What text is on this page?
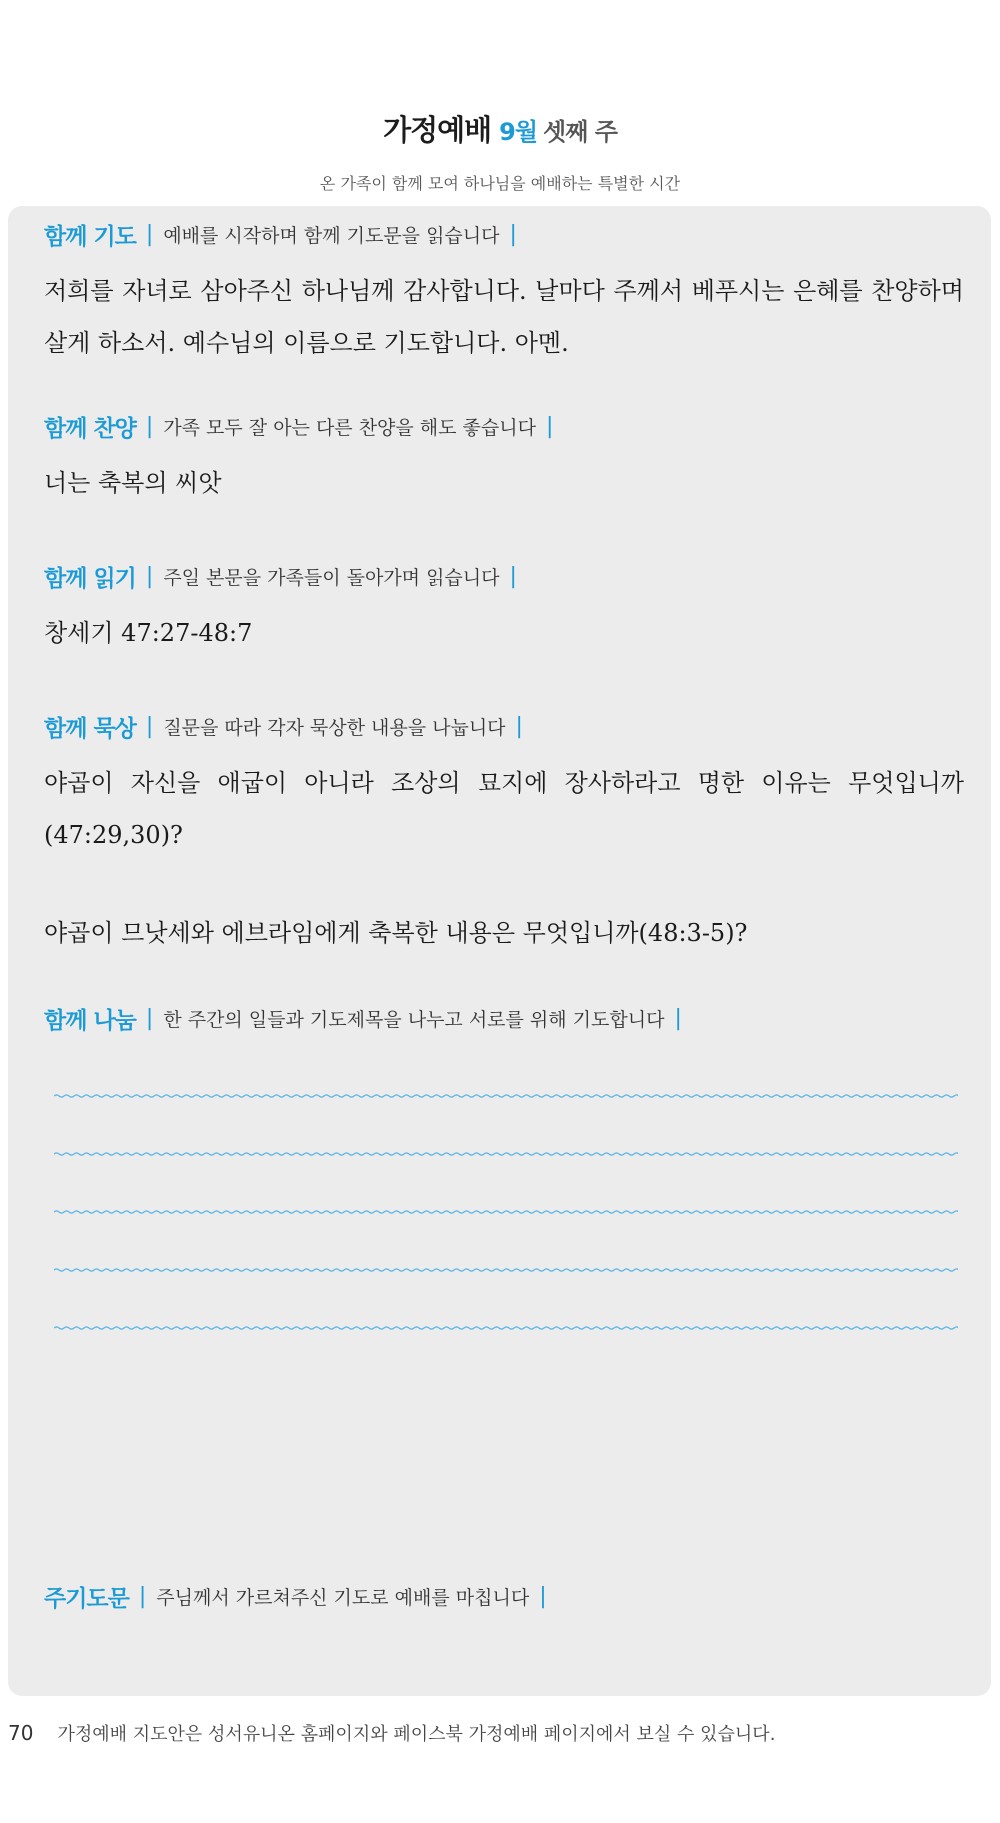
가정예배 9월 셋째 주
온 가족이 함께 모여 하나님을 예배하는 특별한 시간
함께 기도 | 예배를 시작하며 함께 기도문을 읽습니다 |
저희를 자녀로 삼아주신 하나님께 감사합니다. 날마다 주께서 베푸시는 은혜를 찬양하며 살게 하소서. 예수님의 이름으로 기도합니다. 아멘.
함께 찬양 | 가족 모두 잘 아는 다른 찬양을 해도 좋습니다 |
너는 축복의 씨앗
함께 읽기 | 주일 본문을 가족들이 돌아가며 읽습니다 |
창세기 47:27-48:7
함께 묵상 | 질문을 따라 각자 묵상한 내용을 나눕니다 |
야곱이 자신을 애굽이 아니라 조상의 묘지에 장사하라고 명한 이유는 무엇입니까(47:29,30)?
야곱이 므낫세와 에브라임에게 축복한 내용은 무엇입니까(48:3-5)?
함께 나눔 | 한 주간의 일들과 기도제목을 나누고 서로를 위해 기도합니다 |
주기도문 | 주님께서 가르쳐주신 기도로 예배를 마칩니다 |
70 가정예배 지도안은 성서유니온 홈페이지와 페이스북 가정예배 페이지에서 보실 수 있습니다.
